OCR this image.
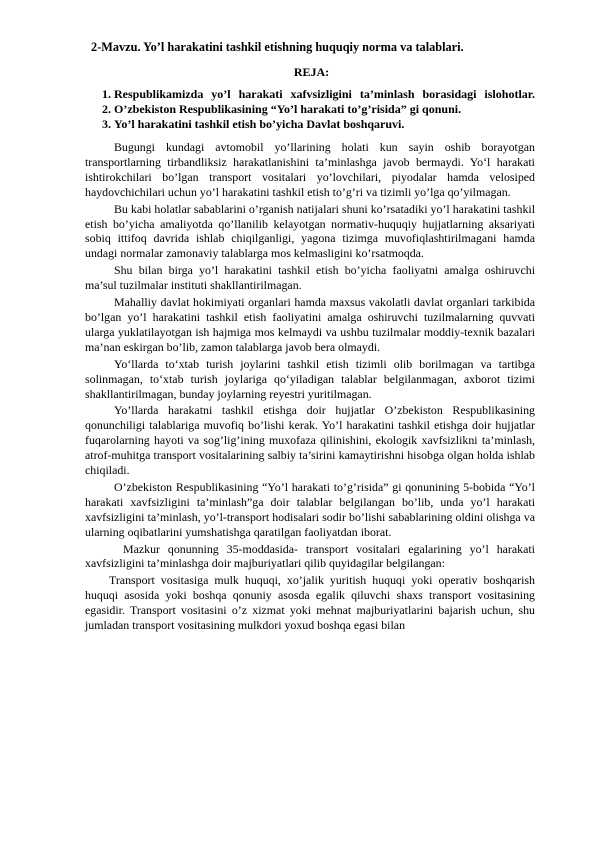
2-Mavzu. Yo’l harakatini tashkil etishning huquqiy norma va talablari.
REJA:
1. Respublikamizda yo’l harakati xafvsizligini ta’minlash borasidagi islohotlar.
2. O’zbekiston Respublikasining “Yo’l harakati to’g’risida” gi qonuni.
3. Yo’l harakatini tashkil etish bo’yicha Davlat boshqaruvi.

Bugungi kundagi avtomobil yo’llarining holati kun sayin oshib borayotgan transportlarning tirbandliksiz harakatlanishini ta’minlashga javob bermaydi. Yo‘l harakati ishtirokchilari bo’lgan transport vositalari yo’lovchilari, piyodalar hamda velosiped haydovchichilari uchun yo’l harakatini tashkil etish to’g’ri va tizimli yo’lga qo’yilmagan.

Bu kabi holatlar sabablarini o’rganish natijalari shuni ko’rsatadiki yo’l harakatini tashkil etish bo’yicha amaliyotda qo’llanilib kelayotgan normativ-huquqiy hujjatlarning aksariyati sobiq ittifoq davrida ishlab chiqilganligi, yagona tizimga muvofiqlashtirilmagani hamda undagi normalar zamonaviy talablarga mos kelmasligini ko’rsatmoqda.

Shu bilan birga yo’l harakatini tashkil etish bo’yicha faoliyatni amalga oshiruvchi ma’sul tuzilmalar instituti shakllantirilmagan.

Mahalliy davlat hokimiyati organlari hamda maxsus vakolatli davlat organlari tarkibida bo’lgan yo’l harakatini tashkil etish faoliyatini amalga oshiruvchi tuzilmalarning quvvati ularga yuklatilayotgan ish hajmiga mos kelmaydi va ushbu tuzilmalar moddiy-texnik bazalari ma’nan eskirgan bo’lib, zamon talablarga javob bera olmaydi.

Yo‘llarda to‘xtab turish joylarini tashkil etish tizimli olib borilmagan va tartibga solinmagan, to‘xtab turish joylariga qo‘yiladigan talablar belgilanmagan, axborot tizimi shakllantirilmagan, bunday joylarning reyestri yuritilmagan.

Yo’llarda harakatni tashkil etishga doir hujjatlar O’zbekiston Respublikasining qonunchiligi talablariga muvofiq bo’lishi kerak. Yo’l harakatini tashkil etishga doir hujjatlar fuqarolarning hayoti va sog’lig’ining muxofaza qilinishini, ekologik xavfsizlikni ta’minlash, atrof-muhitga transport vositalarining salbiy ta’sirini kamaytirishni hisobga olgan holda ishlab chiqiladi.

O’zbekiston Respublikasining “Yo’l harakati to’g’risida” gi qonunining 5-bobida “Yo’l harakati xavfsizligini ta’minlash”ga doir talablar belgilangan bo’lib, unda yo’l harakati xavfsizligini ta’minlash, yo’l-transport hodisalari sodir bo’lishi sabablarining oldini olishga va ularning oqibatlarini yumshatishga qaratilgan faoliyatdan iborat.

Mazkur qonunning 35-moddasida- transport vositalari egalarining yo’l harakati xavfsizligini ta’minlashga doir majburiyatlari qilib quyidagilar belgilangan:

Transport vositasiga mulk huquqi, xo’jalik yuritish huquqi yoki operativ boshqarish huquqi asosida yoki boshqa qonuniy asosda egalik qiluvchi shaxs transport vositasining egasidir. Transport vositasini o’z xizmat yoki mehnat majburiyatlarini bajarish uchun, shu jumladan transport vositasining mulkdori yoxud boshqa egasi bilan
